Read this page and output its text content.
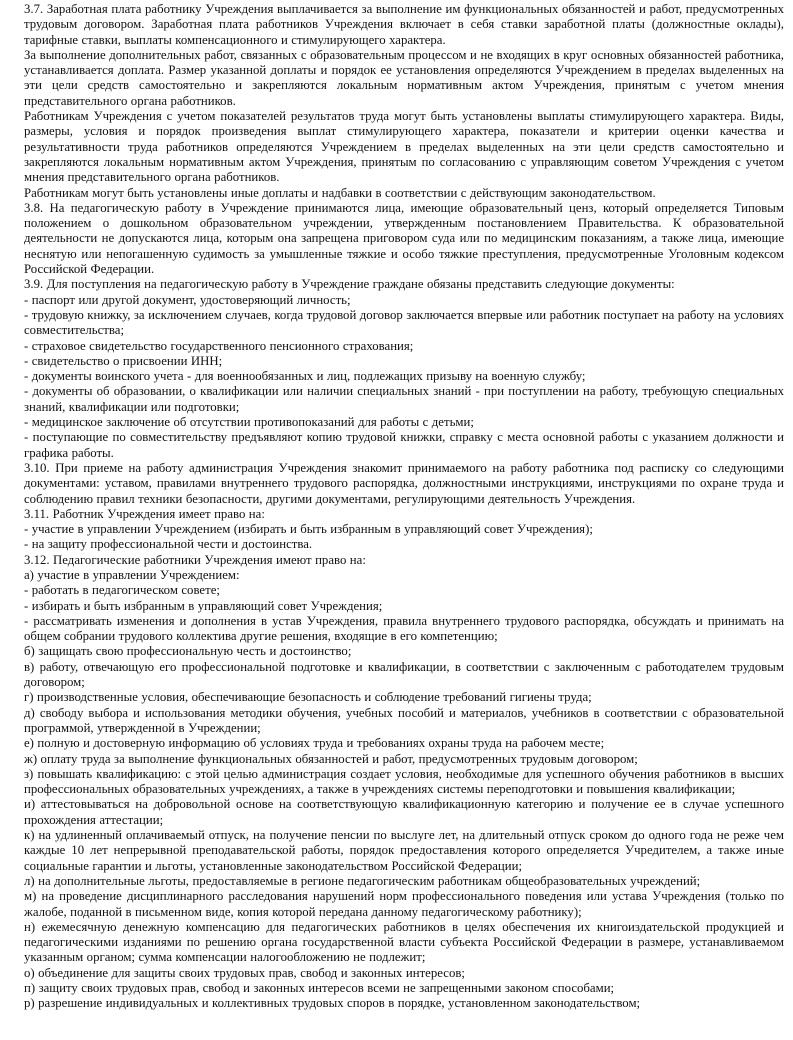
3.7. Заработная плата работнику Учреждения выплачивается за выполнение им функциональных обязанностей и работ, предусмотренных трудовым договором. Заработная плата работников Учреждения включает в себя ставки заработной платы (должностные оклады), тарифные ставки, выплаты компенсационного и стимулирующего характера.

За выполнение дополнительных работ, связанных с образовательным процессом и не входящих в круг основных обязанностей работника, устанавливается доплата. Размер указанной доплаты и порядок ее установления определяются Учреждением в пределах выделенных на эти цели средств самостоятельно и закрепляются локальным нормативным актом Учреждения, принятым с учетом мнения представительного органа работников.

Работникам Учреждения с учетом показателей результатов труда могут быть установлены выплаты стимулирующего характера. Виды, размеры, условия и порядок произведения выплат стимулирующего характера, показатели и критерии оценки качества и результативности труда работников определяются Учреждением в пределах выделенных на эти цели средств самостоятельно и закрепляются локальным нормативным актом Учреждения, принятым по согласованию с управляющим советом Учреждения с учетом мнения представительного органа работников.

Работникам могут быть установлены иные доплаты и надбавки в соответствии с действующим законодательством.

3.8. На педагогическую работу в Учреждение принимаются лица, имеющие образовательный ценз, который определяется Типовым положением о дошкольном образовательном учреждении, утвержденным постановлением Правительства. К образовательной деятельности не допускаются лица, которым она запрещена приговором суда или по медицинским показаниям, а также лица, имеющие неснятую или непогашенную судимость за умышленные тяжкие и особо тяжкие преступления, предусмотренные Уголовным кодексом Российской Федерации.

3.9. Для поступления на педагогическую работу в Учреждение граждане обязаны представить следующие документы:

- паспорт или другой документ, удостоверяющий личность;

- трудовую книжку, за исключением случаев, когда трудовой договор заключается впервые или работник поступает на работу на условиях совместительства;

- страховое свидетельство государственного пенсионного страхования;

- свидетельство о присвоении ИНН;

- документы воинского учета - для военнообязанных и лиц, подлежащих призыву на военную службу;

- документы об образовании, о квалификации или наличии специальных знаний - при поступлении на работу, требующую специальных знаний, квалификации или подготовки;

- медицинское заключение об отсутствии противопоказаний для работы с детьми;

- поступающие по совместительству предъявляют копию трудовой книжки, справку с места основной работы с указанием должности и графика работы.

3.10. При приеме на работу администрация Учреждения знакомит принимаемого на работу работника под расписку со следующими документами: уставом, правилами внутреннего трудового распорядка, должностными инструкциями, инструкциями по охране труда и соблюдению правил техники безопасности, другими документами, регулирующими деятельность Учреждения.

3.11. Работник Учреждения имеет право на:

- участие в управлении Учреждением (избирать и быть избранным в управляющий совет Учреждения);

- на защиту профессиональной чести и достоинства.

3.12. Педагогические работники Учреждения имеют право на:

а) участие в управлении Учреждением:

- работать в педагогическом совете;

- избирать и быть избранным в управляющий совет Учреждения;

- рассматривать изменения и дополнения в устав Учреждения, правила внутреннего трудового распорядка, обсуждать и принимать на общем собрании трудового коллектива другие решения, входящие в его компетенцию;

б) защищать свою профессиональную честь и достоинство;

в) работу, отвечающую его профессиональной подготовке и квалификации, в соответствии с заключенным с работодателем трудовым договором;

г) производственные условия, обеспечивающие безопасность и соблюдение требований гигиены труда;

д) свободу выбора и использования методики обучения, учебных пособий и материалов, учебников в соответствии с образовательной программой, утвержденной в Учреждении;

е) полную и достоверную информацию об условиях труда и требованиях охраны труда на рабочем месте;

ж) оплату труда за выполнение функциональных обязанностей и работ, предусмотренных трудовым договором;

з) повышать квалификацию: с этой целью администрация создает условия, необходимые для успешного обучения работников в высших профессиональных образовательных учреждениях, а также в учреждениях системы переподготовки и повышения квалификации;

и) аттестовываться на добровольной основе на соответствующую квалификационную категорию и получение ее в случае успешного прохождения аттестации;

к) на удлиненный оплачиваемый отпуск, на получение пенсии по выслуге лет, на длительный отпуск сроком до одного года не реже чем каждые 10 лет непрерывной преподавательской работы, порядок предоставления которого определяется Учредителем, а также иные социальные гарантии и льготы, установленные законодательством Российской Федерации;

л) на дополнительные льготы, предоставляемые в регионе педагогическим работникам общеобразовательных учреждений;

м) на проведение дисциплинарного расследования нарушений норм профессионального поведения или устава Учреждения (только по жалобе, поданной в письменном виде, копия которой передана данному педагогическому работнику);

н) ежемесячную денежную компенсацию для педагогических работников в целях обеспечения их книгоиздательской продукцией и педагогическими изданиями по решению органа государственной власти субъекта Российской Федерации в размере, устанавливаемом указанным органом; сумма компенсации налогообложению не подлежит;

о) объединение для защиты своих трудовых прав, свобод и законных интересов;

п) защиту своих трудовых прав, свобод и законных интересов всеми не запрещенными законом способами;

р) разрешение индивидуальных и коллективных трудовых споров в порядке, установленном законодательством;
